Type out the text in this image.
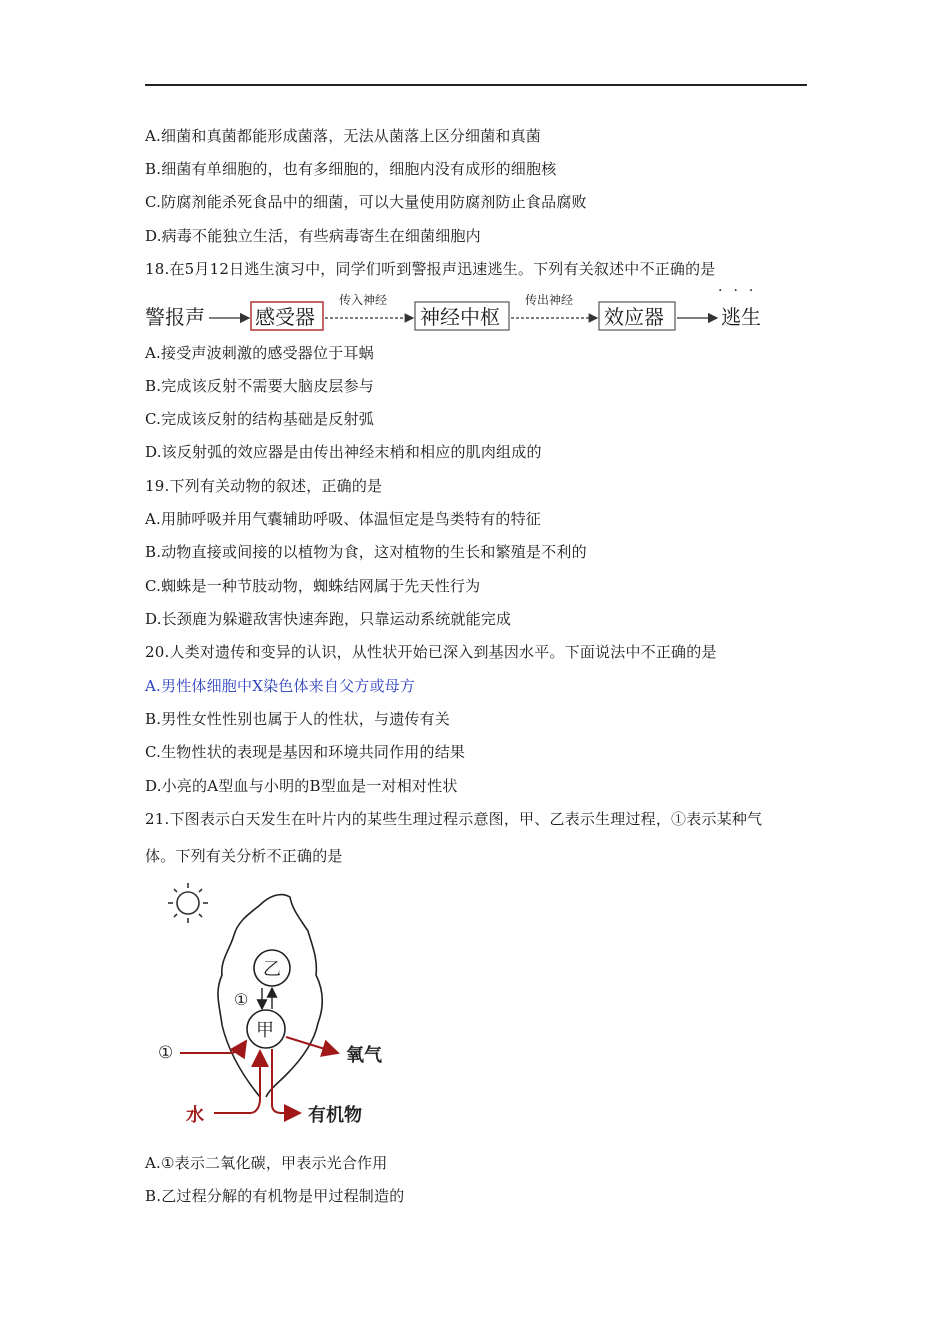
A.细菌和真菌都能形成菌落，无法从菌落上区分细菌和真菌
B.细菌有单细胞的，也有多细胞的，细胞内没有成形的细胞核
C.防腐剂能杀死食品中的细菌，可以大量使用防腐剂防止食品腐败
D.病毒不能独立生活，有些病毒寄生在细菌细胞内
18.在5月12日逃生演习中，同学们听到警报声迅速逃生。下列有关叙述中不正确的是
···
警报声	感受器
传入神经
神经中枢
传出神经
效应器	逃生
A.接受声波刺激的感受器位于耳蜗
B.完成该反射不需要大脑皮层参与
C.完成该反射的结构基础是反射弧
D.该反射弧的效应器是由传出神经末梢和相应的肌肉组成的
19.下列有关动物的叙述，正确的是
A.用肺呼吸并用气囊辅助呼吸、体温恒定是鸟类特有的特征
B.动物直接或间接的以植物为食，这对植物的生长和繁殖是不利的
C.蜘蛛是一种节肢动物，蜘蛛结网属于先天性行为
D.长颈鹿为躲避敌害快速奔跑，只靠运动系统就能完成
20.人类对遗传和变异的认识，从性状开始已深入到基因水平。下面说法中不正确的是
A.男性体细胞中X染色体来自父方或母方
B.男性女性性别也属于人的性状，与遗传有关
C.生物性状的表现是基因和环境共同作用的结果
D.小亮的A型血与小明的B型血是一对相对性状
21.下图表示白天发生在叶片内的某些生理过程示意图，甲、乙表示生理过程，①表示某种气
体。下列有关分析不正确的是
乙
甲
①
①	氧气
水	有机物
A.①表示二氧化碳，甲表示光合作用
B.乙过程分解的有机物是甲过程制造的
